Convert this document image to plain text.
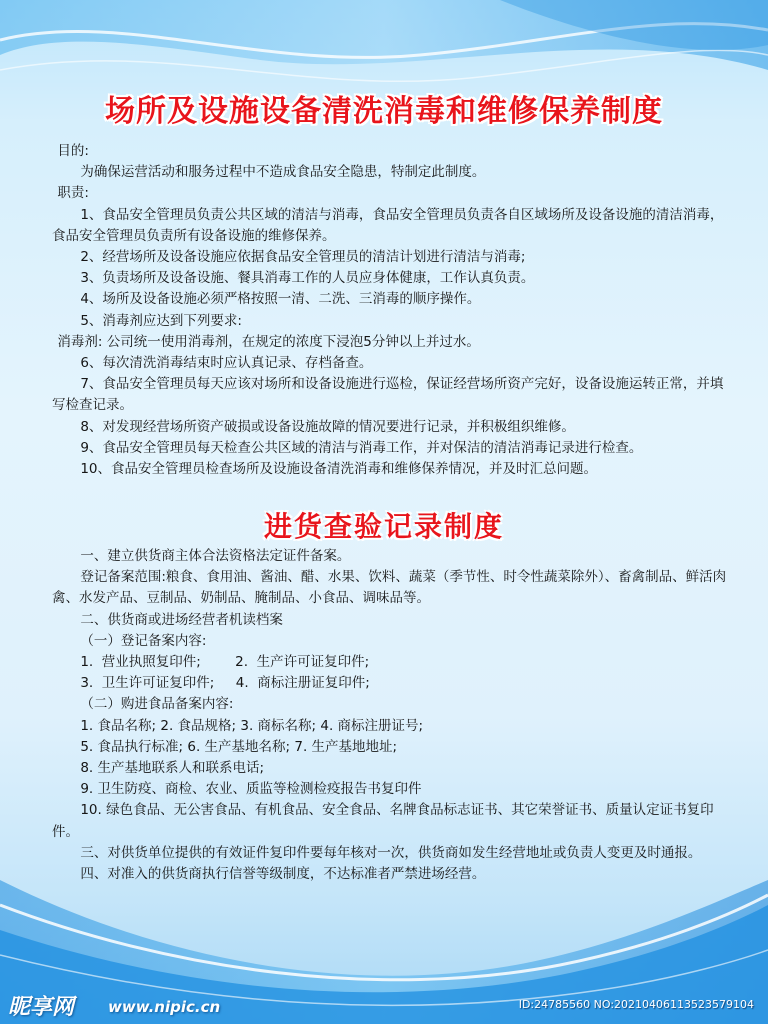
场所及设施设备清洗消毒和维修保养制度

目的:

为确保运营活动和服务过程中不造成食品安全隐患，特制定此制度。

职责:

1、食品安全管理员负责公共区域的清洁与消毒，食品安全管理员负责各自区域场所及设备设施的清洁消毒，食品安全管理员负责所有设备设施的维修保养。

2、经营场所及设备设施应依据食品安全管理员的清洁计划进行清洁与消毒;

3、负责场所及设备设施、餐具消毒工作的人员应身体健康，工作认真负责。

4、场所及设备设施必须严格按照一清、二洗、三消毒的顺序操作。

5、消毒剂应达到下列要求:

消毒剂: 公司统一使用消毒剂，在规定的浓度下浸泡5分钟以上并过水。

6、每次清洗消毒结束时应认真记录、存档备查。

7、食品安全管理员每天应该对场所和设备设施进行巡检，保证经营场所资产完好，设备设施运转正常，并填写检查记录。

8、对发现经营场所资产破损或设备设施故障的情况要进行记录，并积极组织维修。

9、食品安全管理员每天检查公共区域的清洁与消毒工作，并对保洁的清洁消毒记录进行检查。

10、食品安全管理员检查场所及设施设备清洗消毒和维修保养情况，并及时汇总问题。

进货查验记录制度

一、建立供货商主体合法资格法定证件备案。

登记备案范围:粮食、食用油、酱油、醋、水果、饮料、蔬菜（季节性、时令性蔬菜除外）、畜禽制品、鲜活肉禽、水发产品、豆制品、奶制品、腌制品、小食品、调味品等。

二、供货商或进场经营者机读档案

（一）登记备案内容:

1.  营业执照复印件;        2.  生产许可证复印件;

3.  卫生许可证复印件;     4.  商标注册证复印件;

（二）购进食品备案内容:

1. 食品名称; 2. 食品规格; 3. 商标名称; 4. 商标注册证号;

5. 食品执行标准; 6. 生产基地名称; 7. 生产基地地址;

8. 生产基地联系人和联系电话;

9. 卫生防疫、商检、农业、质监等检测检疫报告书复印件

10. 绿色食品、无公害食品、有机食品、安全食品、名牌食品标志证书、其它荣誉证书、质量认定证书复印件。

三、对供货单位提供的有效证件复印件要每年核对一次，供货商如发生经营地址或负责人变更及时通报。

四、对准入的供货商执行信誉等级制度，不达标准者严禁进场经营。

昵享网 www.nipic.cn	ID:24785560 NO:20210406113523579104
